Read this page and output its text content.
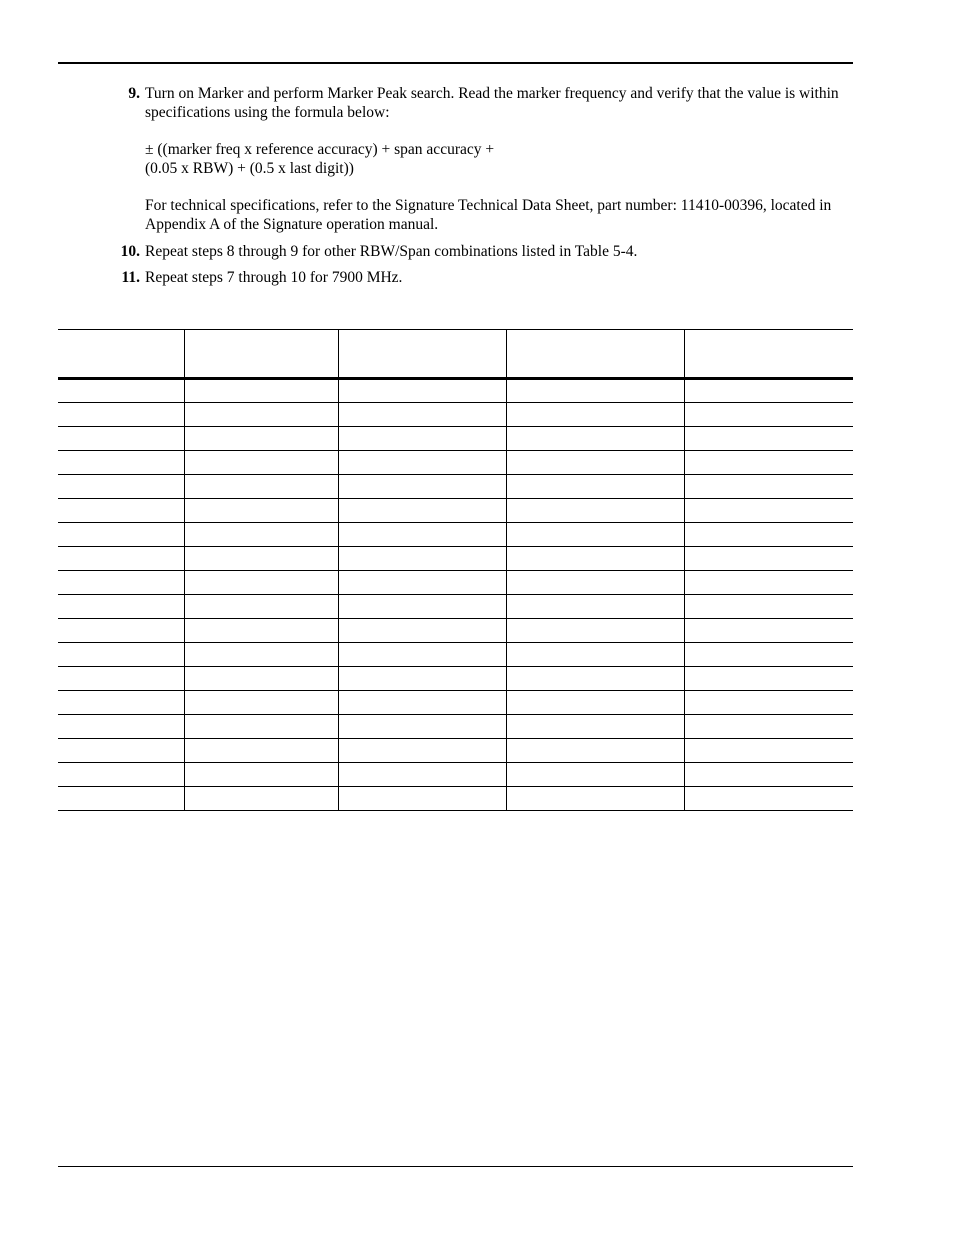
9. Turn on Marker and perform Marker Peak search. Read the marker frequency and verify that the value is within specifications using the formula below:
± ((marker freq x reference accuracy) + span accuracy +
(0.05 x RBW) + (0.5 x last digit))
For technical specifications, refer to the Signature Technical Data Sheet, part number: 11410-00396, located in Appendix A of the Signature operation manual.
10. Repeat steps 8 through 9 for other RBW/Span combinations listed in Table 5-4.
11. Repeat steps 7 through 10 for 7900 MHz.
